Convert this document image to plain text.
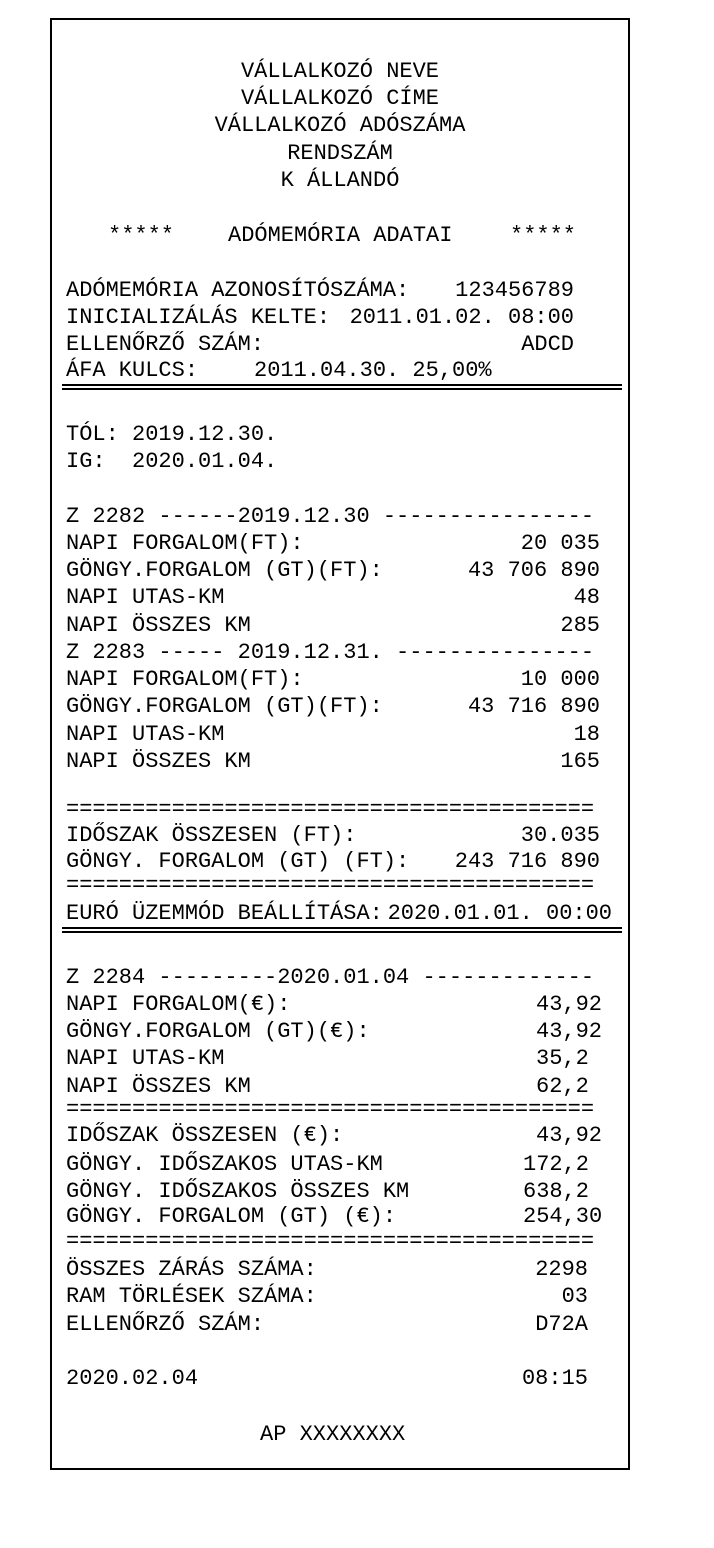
VÁLLALKOZÓ NEVE
VÁLLALKOZÓ CÍME
VÁLLALKOZÓ ADÓSZÁMA
RENDSZÁM
K ÁLLANDÓ
***** ADÓMEMÓRIA ADATAI	*****
ADÓMEMÓRIA AZONOSÍTÓSZÁMA: 123456789
INICIALIZÁLÁS KELTE: 2011.01.02. 08:00
ELLENŐRZŐ SZÁM:	ADCD
ÁFA KULCS:	2011.04.30. 25,00%
TÓL: 2019.12.30.
IG:  2020.01.04.
Z 2282 ------2019.12.30 ----------------
NAPI FORGALOM(FT):	20 035
GÖNGY.FORGALOM (GT)(FT):	43 706 890
NAPI UTAS-KM	48
NAPI ÖSSZES KM	285
Z 2283 ----- 2019.12.31. ---------------
NAPI FORGALOM(FT):	10 000
GÖNGY.FORGALOM (GT)(FT):	43 716 890
NAPI UTAS-KM	18
NAPI ÖSSZES KM	165
========================================
IDŐSZAK ÖSSZESEN (FT):	30.035
GÖNGY. FORGALOM (GT) (FT): 243 716 890
========================================
EURÓ ÜZEMMÓD BEÁLLÍTÁSA: 2020.01.01. 00:00
Z 2284 ---------2020.01.04 -------------
NAPI FORGALOM(€):	43,92
GÖNGY.FORGALOM (GT)(€):	43,92
NAPI UTAS-KM	35,2
NAPI ÖSSZES KM	62,2
========================================
IDŐSZAK ÖSSZESEN (€):	43,92
GÖNGY. IDŐSZAKOS UTAS-KM	172,2
GÖNGY. IDŐSZAKOS ÖSSZES KM	638,2
GÖNGY. FORGALOM (GT) (€):	254,30
========================================
ÖSSZES ZÁRÁS SZÁMA:	2298
RAM TÖRLÉSEK SZÁMA:	03
ELLENŐRZŐ SZÁM:	D72A
2020.02.04	08:15
AP XXXXXXXX
